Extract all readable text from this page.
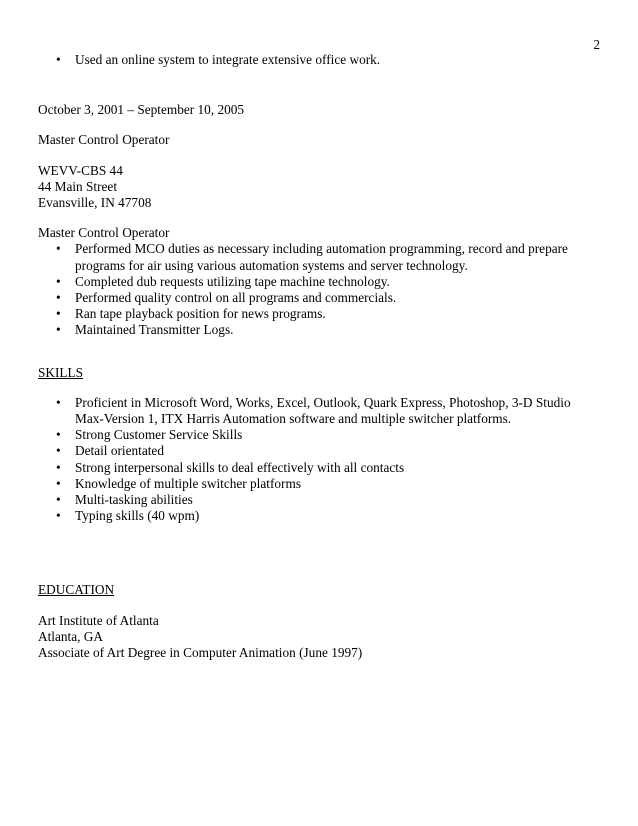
2
• Used an online system to integrate extensive office work.
October 3, 2001 – September 10, 2005
Master Control Operator
WEVV-CBS 44
44 Main Street
Evansville, IN 47708
Master Control Operator
• Performed MCO duties as necessary including automation programming, record and prepare programs for air using various automation systems and server technology.
• Completed dub requests utilizing tape machine technology.
• Performed quality control on all programs and commercials.
• Ran tape playback position for news programs.
• Maintained Transmitter Logs.
SKILLS
• Proficient in Microsoft Word, Works, Excel, Outlook, Quark Express, Photoshop, 3-D Studio Max-Version 1, ITX Harris Automation software and multiple switcher platforms.
• Strong Customer Service Skills
• Detail orientated
• Strong interpersonal skills to deal effectively with all contacts
• Knowledge of multiple switcher platforms
• Multi-tasking abilities
• Typing skills (40 wpm)
EDUCATION
Art Institute of Atlanta
Atlanta, GA
Associate of Art Degree in Computer Animation (June 1997)
